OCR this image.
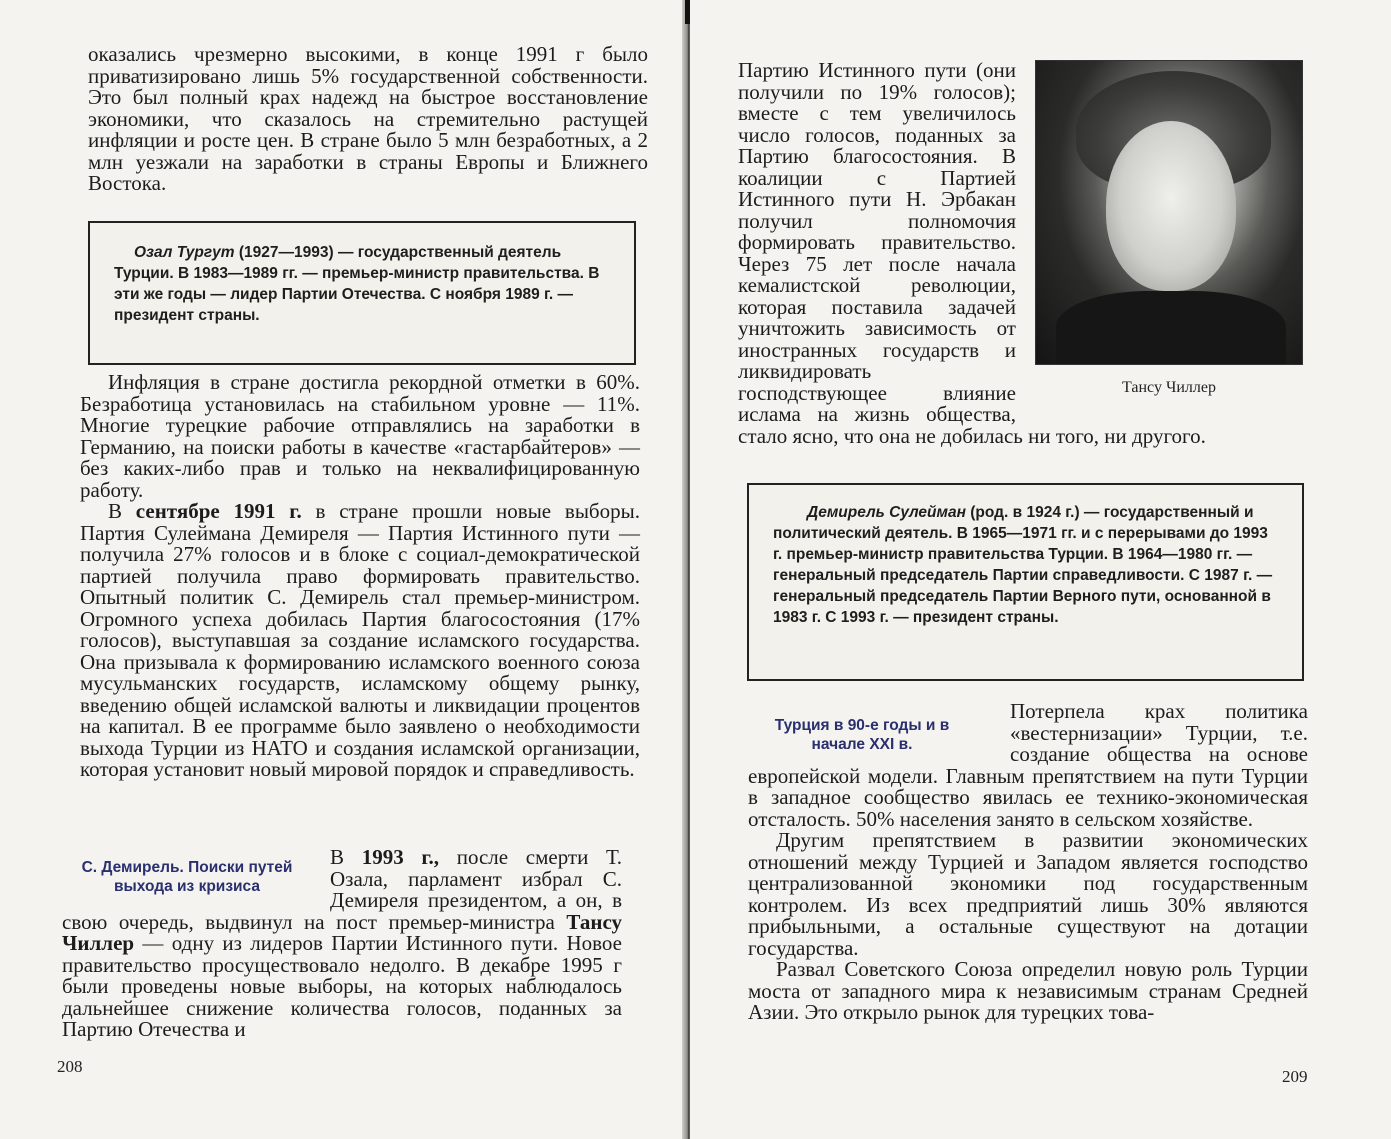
оказались чрезмерно высокими, в конце 1991 г было приватизировано лишь 5% государственной собственности. Это был полный крах надежд на быстрое восстановление экономики, что сказалось на стремительно растущей инфляции и росте цен. В стране было 5 млн безработных, а 2 млн уезжали на заработки в страны Европы и Ближнего Востока.

Озал Тургут (1927—1993) — государственный деятель Турции. В 1983—1989 гг. — премьер-министр правительства. В эти же годы — лидер Партии Отечества. С ноября 1989 г. — президент страны.

Инфляция в стране достигла рекордной отметки в 60%. Безработица установилась на стабильном уровне — 11%. Многие турецкие рабочие отправлялись на заработки в Германию, на поиски работы в качестве «гастарбайтеров» — без каких-либо прав и только на неквалифицированную работу.

В сентябре 1991 г. в стране прошли новые выборы. Партия Сулеймана Демиреля — Партия Истинного пути — получила 27% голосов и в блоке с социал-демократической партией получила право формировать правительство. Опытный политик С. Демирель стал премьер-министром. Огромного успеха добилась Партия благосостояния (17% голосов), выступавшая за создание исламского государства. Она призывала к формированию исламского военного союза мусульманских государств, исламскому общему рынку, введению общей исламской валюты и ликвидации процентов на капитал. В ее программе было заявлено о необходимости выхода Турции из НАТО и создания исламской организации, которая установит новый мировой порядок и справедливость.

С. Демирель. Поиски путей выхода из кризиса

В 1993 г., после смерти Т. Озала, парламент избрал С. Демиреля президентом, а он, в свою очередь, выдвинул на пост премьер-министра Тансу Чиллер — одну из лидеров Партии Истинного пути. Новое правительство просуществовало недолго. В декабре 1995 г были проведены новые выборы, на которых наблюдалось дальнейшее снижение количества голосов, поданных за Партию Отечества и

208

Партию Истинного пути (они получили по 19% голосов); вместе с тем увеличилось число голосов, поданных за Партию благосостояния. В коалиции с Партией Истинного пути Н. Эрбакан получил полномочия формировать правительство. Через 75 лет после начала кемалистской революции, которая поставила задачей уничтожить зависимость от иностранных государств и ликвидировать господствующее влияние ислама на жизнь общества, стало ясно, что она не добилась ни того, ни другого.

Тансу Чиллер
Демирель Сулейман (род. в 1924 г.) — государственный и политический деятель. В 1965—1971 гг. и с перерывами до 1993 г. премьер-министр правительства Турции. В 1964—1980 гг. — генеральный председатель Партии справедливости. С 1987 г. — генеральный председатель Партии Верного пути, основанной в 1983 г. С 1993 г. — президент страны.
Турция в 90-е годы и в начале XXI в.

Потерпела крах политика «вестернизации» Турции, т.е. создание общества на основе европейской модели. Главным препятствием на пути Турции в западное сообщество явилась ее технико-экономическая отсталость. 50% населения занято в сельском хозяйстве.

Другим препятствием в развитии экономических отношений между Турцией и Западом является господство централизованной экономики под государственным контролем. Из всех предприятий лишь 30% являются прибыльными, а остальные существуют на дотации государства.

Развал Советского Союза определил новую роль Турции моста от западного мира к независимым странам Средней Азии. Это открыло рынок для турецких това-

209
